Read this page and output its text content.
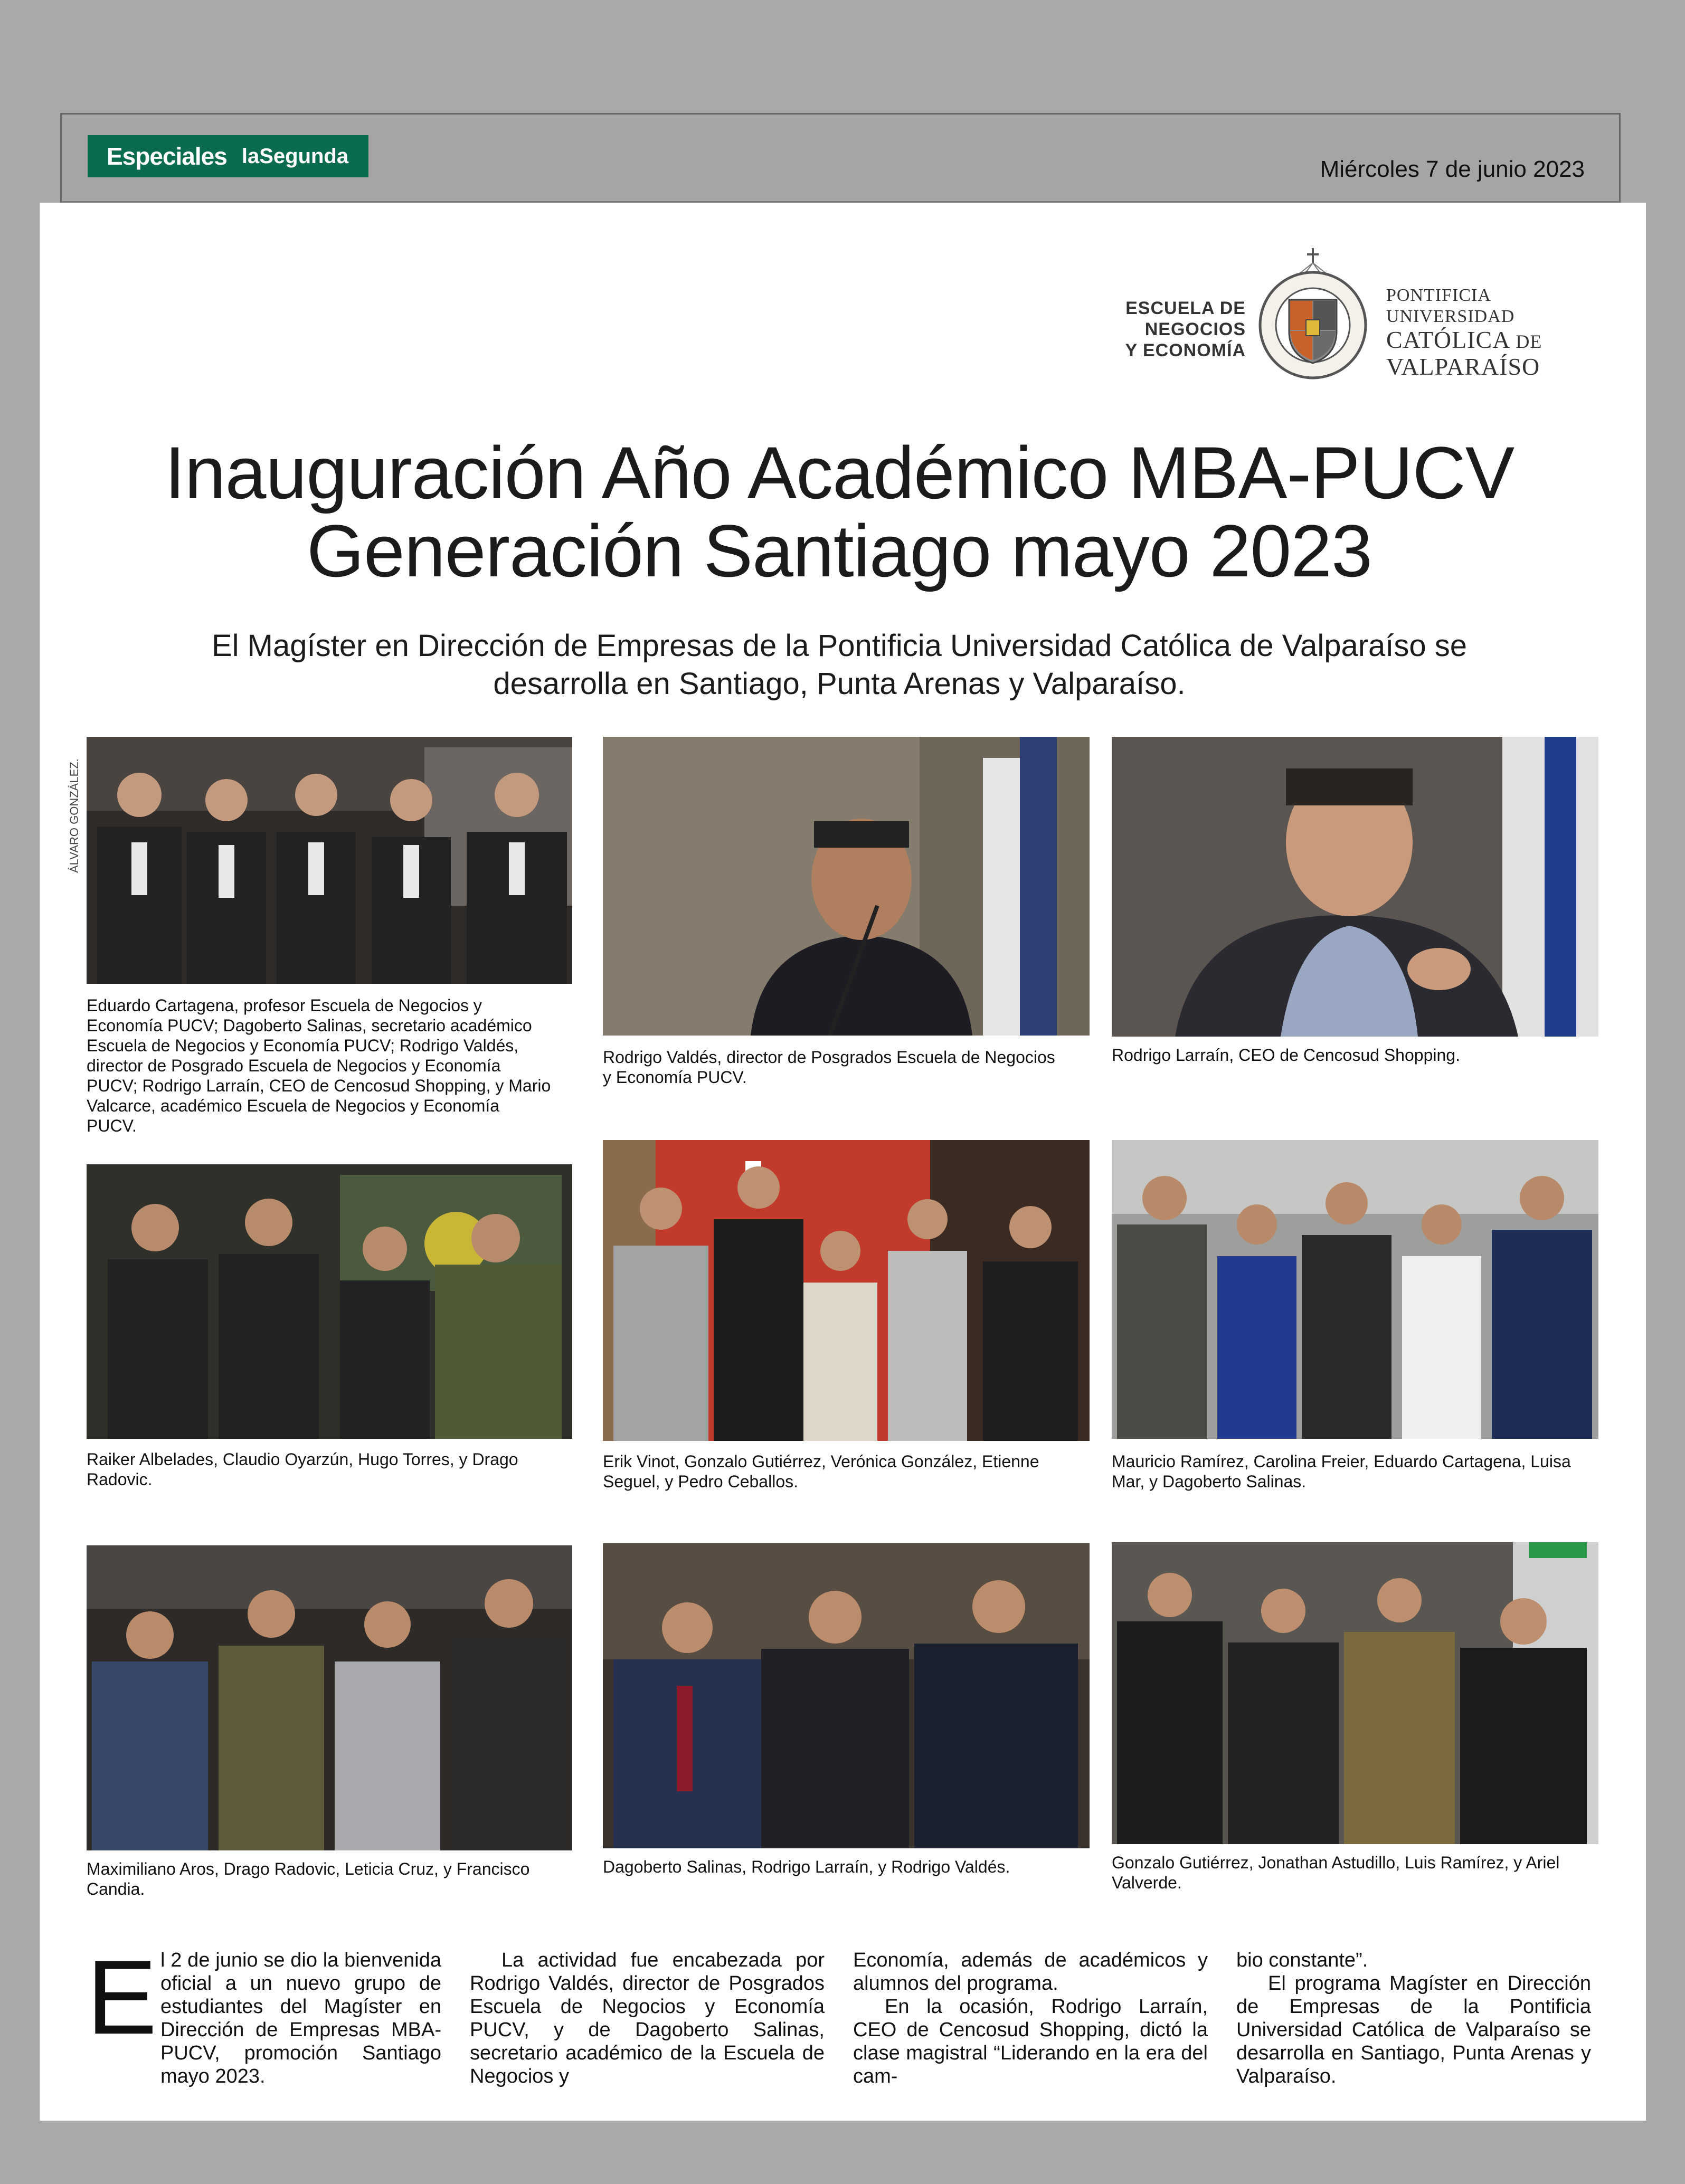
Especiales la Segunda
Miércoles 7 de junio 2023
ESCUELA DE
NEGOCIOS
Y ECONOMÍA
PONTIFICIA
UNIVERSIDAD
CATÓLICA DE
VALPARAÍSO
Inauguración Año Académico MBA-PUCV
Generación Santiago mayo 2023
El Magíster en Dirección de Empresas de la Pontificia Universidad Católica de Valparaíso se
desarrolla en Santiago, Punta Arenas y Valparaíso.
ÁLVARO GONZÁLEZ.
Eduardo Cartagena, profesor Escuela de Negocios y Economía PUCV; Dagoberto Salinas, secretario académico Escuela de Negocios y Economía PUCV; Rodrigo Valdés, director de Posgrado Escuela de Negocios y Economía PUCV; Rodrigo Larraín, CEO de Cencosud Shopping, y Mario Valcarce, académico Escuela de Negocios y Economía PUCV.
Rodrigo Valdés, director de Posgrados Escuela de Negocios y Economía PUCV.
Rodrigo Larraín, CEO de Cencosud Shopping.
Raiker Albelades, Claudio Oyarzún, Hugo Torres, y Drago Radovic.
Erik Vinot, Gonzalo Gutiérrez, Verónica González, Etienne Seguel, y Pedro Ceballos.
Mauricio Ramírez, Carolina Freier, Eduardo Cartagena, Luisa Mar, y Dagoberto Salinas.
Maximiliano Aros, Drago Radovic, Leticia Cruz, y Francisco Candia.
Dagoberto Salinas, Rodrigo Larraín, y Rodrigo Valdés.	Gonzalo Gutiérrez, Jonathan Astudillo, Luis Ramírez, y Ariel Valverde.
E l 2 de junio se dio la bienvenida oficial a un nuevo grupo de estudiantes del Magíster en Dirección de Empresas MBA-PUCV, promoción Santiago mayo 2023.
La actividad fue encabezada por Rodrigo Valdés, director de Posgrados Escuela de Negocios y Economía PUCV, y de Dagoberto Salinas, secretario académico de la Escuela de Negocios y
Economía, además de académicos y alumnos del programa.
En la ocasión, Rodrigo Larraín, CEO de Cencosud Shopping, dictó la clase magistral “Liderando en la era del cam-
bio constante”.
El programa Magíster en Dirección de Empresas de la Pontificia Universidad Católica de Valparaíso se desarrolla en Santiago, Punta Arenas y Valparaíso.
